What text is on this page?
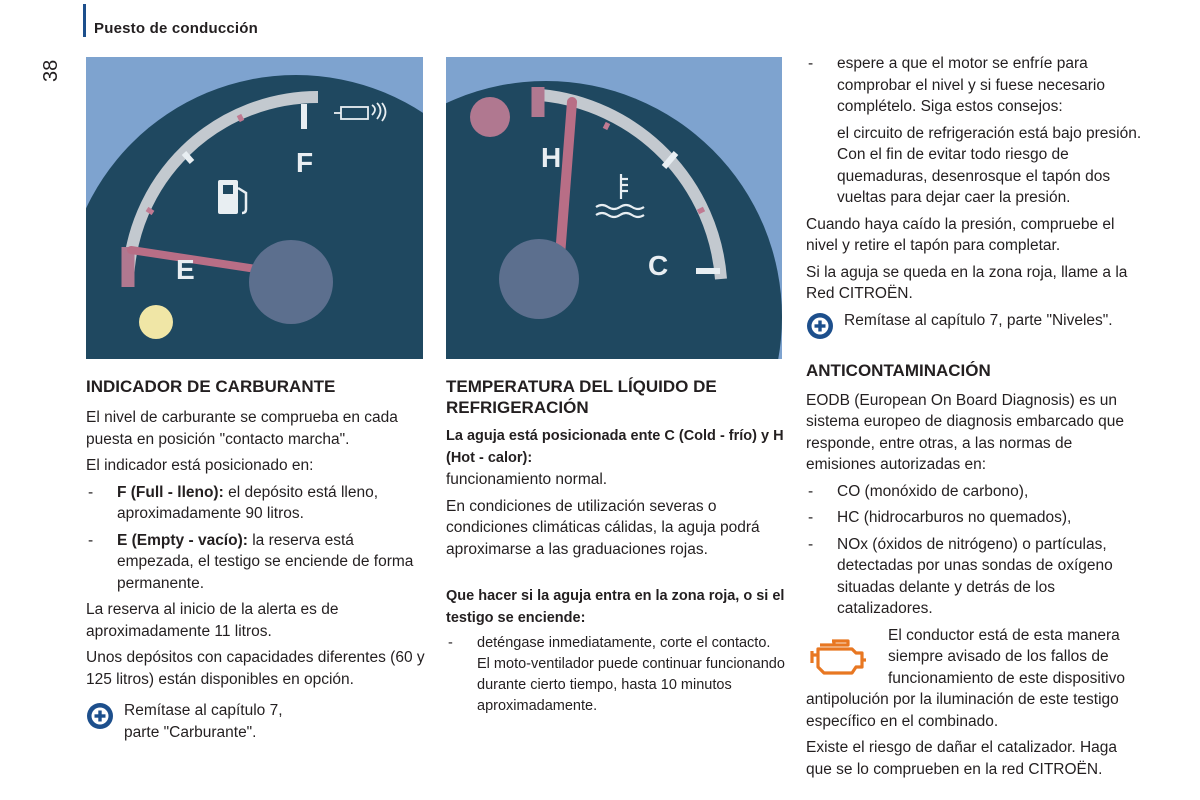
Puesto de conducción
38
F
E
H
C
INDICADOR DE CARBURANTE

El nivel de carburante se comprueba en cada puesta en posición "contacto marcha".

El indicador está posicionado en:

- F (Full - lleno): el depósito está lleno, aproximadamente 90 litros.

- E (Empty - vacío): la reserva está empezada, el testigo se enciende de forma permanente.

La reserva al inicio de la alerta es de aproximadamente 11 litros.

Unos depósitos con capacidades diferentes (60 y 125 litros) están disponibles en opción.

Remítase al capítulo 7,

parte "Carburante".

TEMPERATURA DEL LÍQUIDO DE REFRIGERACIÓN

La aguja está posicionada ente C (Cold - frío) y H (Hot - calor):

funcionamiento normal.

En condiciones de utilización severas o condiciones climáticas cálidas, la aguja podrá aproximarse a las graduaciones rojas.

Que hacer si la aguja entra en la zona roja, o si el testigo se enciende:

- deténgase inmediatamente, corte el contacto. El moto-ventilador puede continuar funcionando durante cierto tiempo, hasta 10 minutos aproximadamente.

- espere a que el motor se enfríe para comprobar el nivel y si fuese necesario complételo. Siga estos consejos:

el circuito de refrigeración está bajo presión. Con el fin de evitar todo riesgo de quemaduras, desenrosque el tapón dos vueltas para dejar caer la presión.

Cuando haya caído la presión, compruebe el nivel y retire el tapón para completar.

Si la aguja se queda en la zona roja, llame a la Red CITROËN.

Remítase al capítulo 7, parte "Niveles".

ANTICONTAMINACIÓN

EODB (European On Board Diagnosis) es un sistema europeo de diagnosis embarcado que responde, entre otras, a las normas de emisiones autorizadas en:

- CO (monóxido de carbono),

- HC (hidrocarburos no quemados),

- NOx (óxidos de nitrógeno) o partículas, detectadas por unas sondas de oxígeno situadas delante y detrás de los catalizadores.

El conductor está de esta manera siempre avisado de los fallos de funcionamiento de este dispositivo antipolución por la iluminación de este testigo específico en el combinado.

Existe el riesgo de dañar el catalizador. Haga que se lo comprueben en la red CITROËN.
